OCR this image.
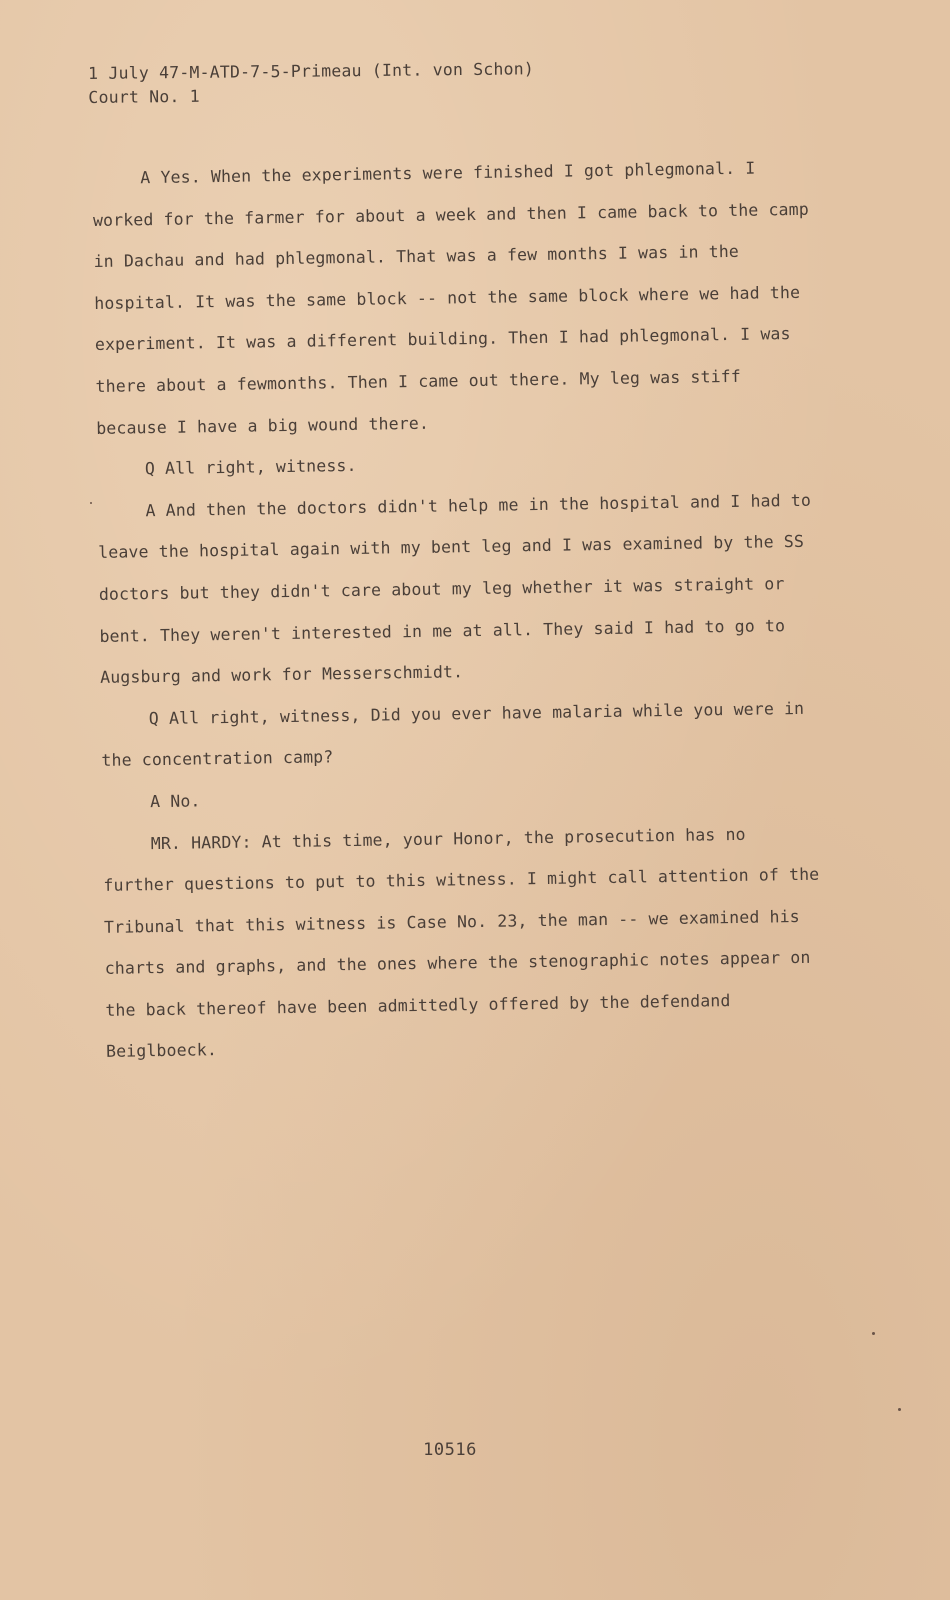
1 July 47-M-ATD-7-5-Primeau (Int. von Schon)
Court No. 1

A Yes. When the experiments were finished I got phlegmonal. I worked for the farmer for about a week and then I came back to the camp in Dachau and had phlegmonal. That was a few months I was in the hospital. It was the same block -- not the same block where we had the experiment. It was a different building. Then I had phlegmonal. I was there about a fewmonths. Then I came out there. My leg was stiff because I have a big wound there.

Q All right, witness.

A And then the doctors didn't help me in the hospital and I had to leave the hospital again with my bent leg and I was examined by the SS doctors but they didn't care about my leg whether it was straight or bent. They weren't interested in me at all. They said I had to go to Augsburg and work for Messerschmidt.

Q All right, witness, Did you ever have malaria while you were in the concentration camp?

A No.

MR. HARDY: At this time, your Honor, the prosecution has no further questions to put to this witness. I might call attention of the Tribunal that this witness is Case No. 23, the man -- we examined his charts and graphs, and the ones where the stenographic notes appear on the back thereof have been admittedly offered by the defendand Beiglboeck.

10516
